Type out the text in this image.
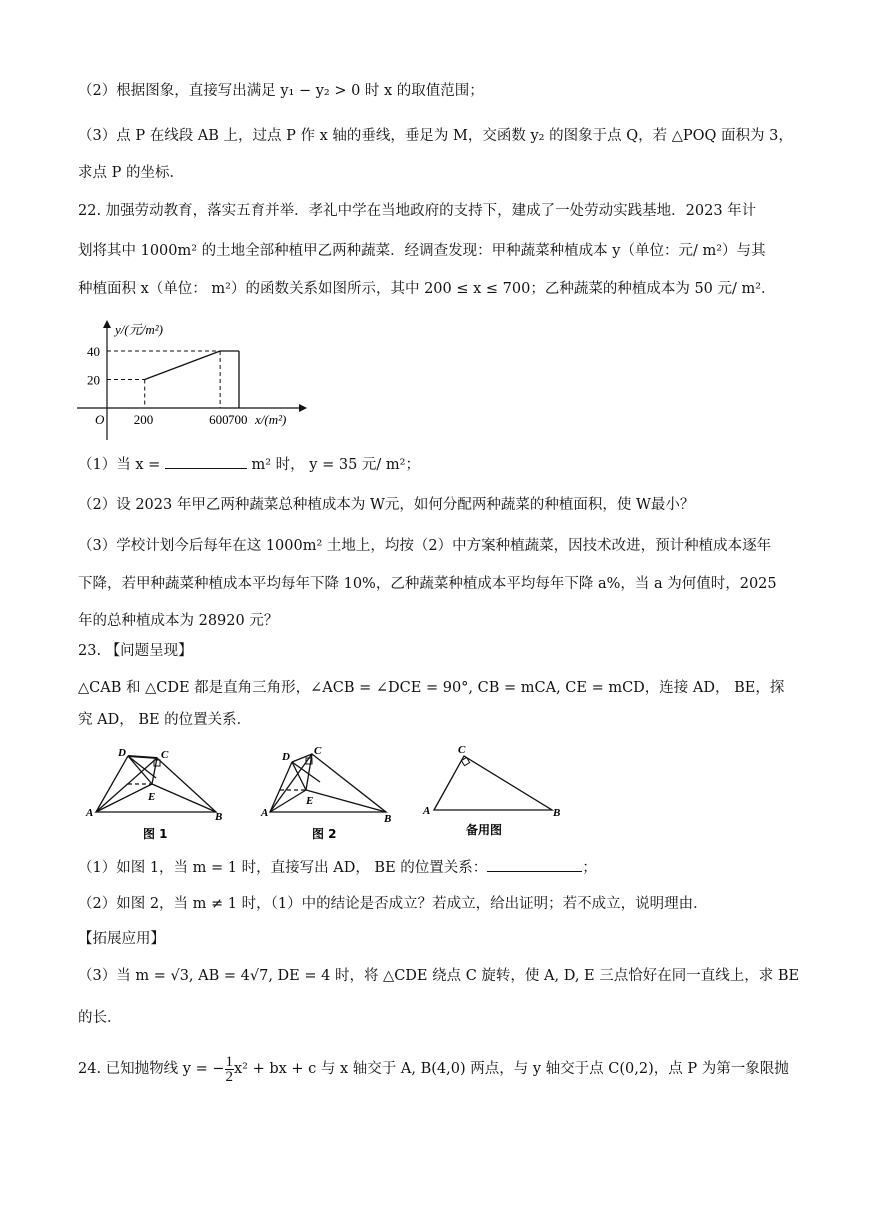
（2）根据图象，直接写出满足 y₁ − y₂ > 0 时 x 的取值范围；
（3）点 P 在线段 AB 上，过点 P 作 x 轴的垂线，垂足为 M，交函数 y₂ 的图象于点 Q，若 △POQ 面积为 3，
求点 P 的坐标．
22. 加强劳动教育，落实五育并举．孝礼中学在当地政府的支持下，建成了一处劳动实践基地．2023 年计
划将其中 1000m² 的土地全部种植甲乙两种蔬菜．经调查发现：甲种蔬菜种植成本 y（单位：元/ m²）与其
种植面积 x（单位： m²）的函数关系如图所示，其中 200 ≤ x ≤ 700；乙种蔬菜的种植成本为 50 元/ m²．
y/(元/m²)
x/(m²)
O 200	600 700
40
20
（1）当 x =	m² 时， y = 35 元/ m²；
（2）设 2023 年甲乙两种蔬菜总种植成本为 W元，如何分配两种蔬菜的种植面积，使 W最小？
（3）学校计划今后每年在这 1000m² 土地上，均按（2）中方案种植蔬菜，因技术改进，预计种植成本逐年
下降，若甲种蔬菜种植成本平均每年下降 10%，乙种蔬菜种植成本平均每年下降 a%，当 a 为何值时，2025
年的总种植成本为 28920 元？
23. 【问题呈现】
△CAB 和 △CDE 都是直角三角形，∠ACB = ∠DCE = 90°, CB = mCA, CE = mCD，连接 AD， BE，探
究 AD， BE 的位置关系．
D	C
E
A	B
图 1
D C
E
A	B
图 2
C
A	B
备用图
（1）如图 1，当 m = 1 时，直接写出 AD， BE 的位置关系：	；
（2）如图 2，当 m ≠ 1 时，（1）中的结论是否成立？若成立，给出证明；若不成立，说明理由．
【拓展应用】
（3）当 m = √3, AB = 4√7, DE = 4 时，将 △CDE 绕点 C 旋转，使 A, D, E 三点恰好在同一直线上，求 BE
的长．
24. 已知抛物线 y = − $\frac{1}{2} x^2$ + bx + c 与 x 轴交于 A, B(4,0) 两点，与 y 轴交于点 C(0,2)，点 P 为第一象限抛
